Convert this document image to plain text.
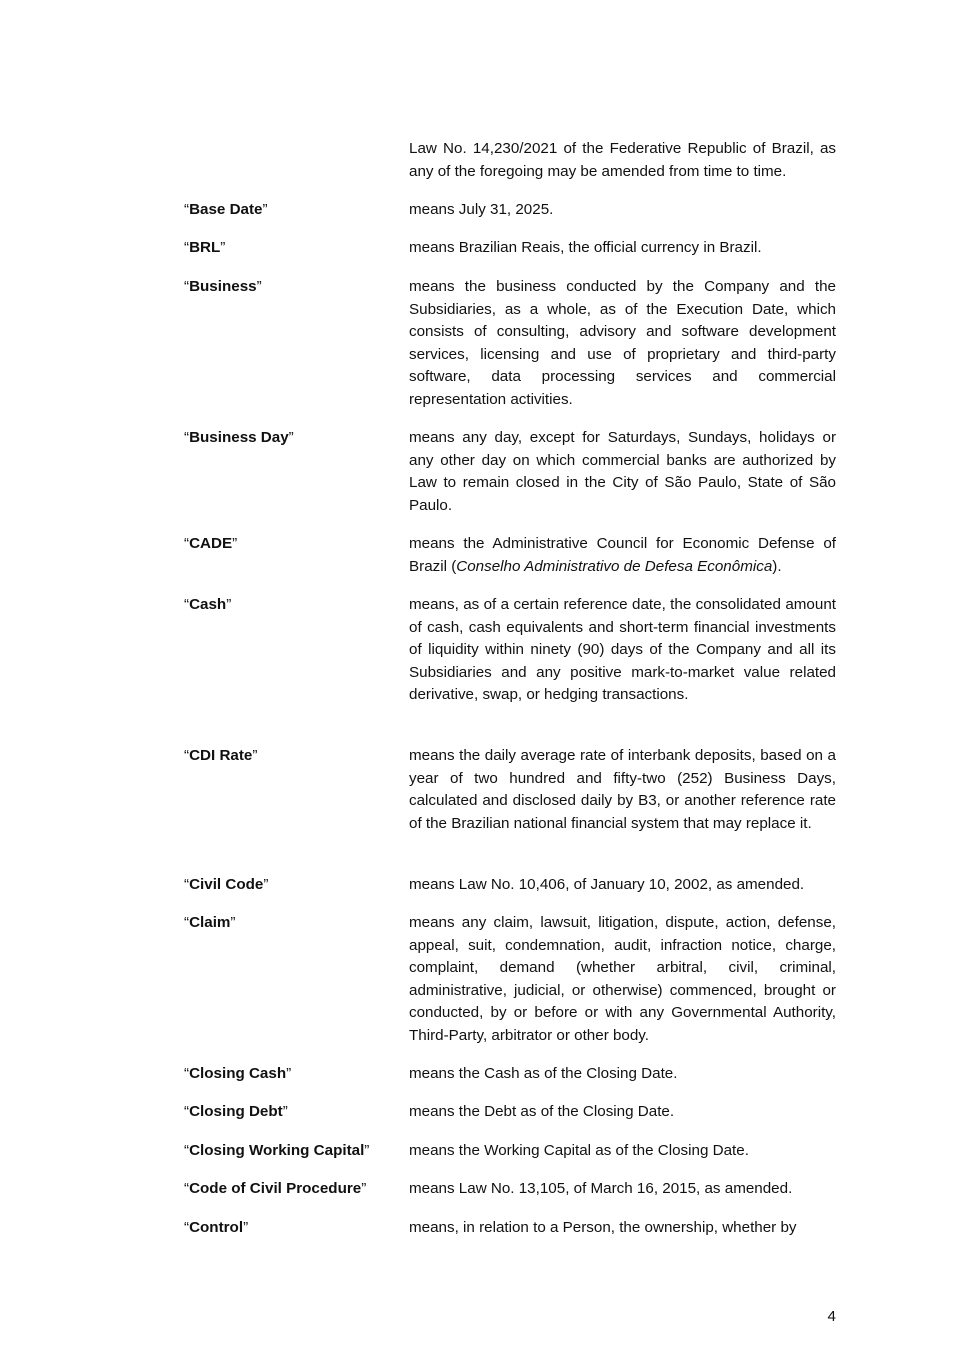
Law No. 14,230/2021 of the Federative Republic of Brazil, as any of the foregoing may be amended from time to time.

“Base Date”	means July 31, 2025.
“BRL”	means Brazilian Reais, the official currency in Brazil.
“Business”	means the business conducted by the Company and the Subsidiaries, as a whole, as of the Execution Date, which consists of consulting, advisory and software development services, licensing and use of proprietary and third-party software, data processing services and commercial representation activities.
“Business Day”	means any day, except for Saturdays, Sundays, holidays or any other day on which commercial banks are authorized by Law to remain closed in the City of São Paulo, State of São Paulo.
“CADE”	means the Administrative Council for Economic Defense of Brazil (Conselho Administrativo de Defesa Econômica).
“Cash”	means, as of a certain reference date, the consolidated amount of cash, cash equivalents and short-term financial investments of liquidity within ninety (90) days of the Company and all its Subsidiaries and any positive mark-to-market value related derivative, swap, or hedging transactions.
“CDI Rate”	means the daily average rate of interbank deposits, based on a year of two hundred and fifty-two (252) Business Days, calculated and disclosed daily by B3, or another reference rate of the Brazilian national financial system that may replace it.
“Civil Code”	means Law No. 10,406, of January 10, 2002, as amended.
“Claim”	means any claim, lawsuit, litigation, dispute, action, defense, appeal, suit, condemnation, audit, infraction notice, charge, complaint, demand (whether arbitral, civil, criminal, administrative, judicial, or otherwise) commenced, brought or conducted, by or before or with any Governmental Authority, Third-Party, arbitrator or other body.
“Closing Cash”	means the Cash as of the Closing Date.
“Closing Debt”	means the Debt as of the Closing Date.
“Closing Working Capital”	means the Working Capital as of the Closing Date.
“Code of Civil Procedure”	means Law No. 13,105, of March 16, 2015, as amended.
“Control”	means, in relation to a Person, the ownership, whether by
4
